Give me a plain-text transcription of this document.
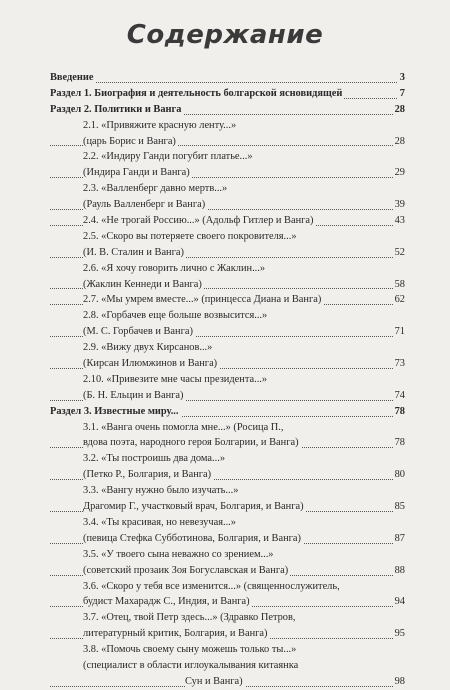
Содержание
Введение	3
Раздел 1. Биография и деятельность болгарской ясновидящей	7
Раздел 2. Политики и Ванга	28
2.1. «Привяжите красную ленту...»
(царь Борис и Ванга)	28
2.2. «Индиру Ганди погубит платье...»
(Индира Ганди и Ванга)	29
2.3. «Валленберг давно мертв...»
(Рауль Валленберг и Ванга)	39
2.4. «Не трогай Россию...» (Адольф Гитлер и Ванга)	43
2.5. «Скоро вы потеряете своего покровителя...»
(И. В. Сталин и Ванга)	52
2.6. «Я хочу говорить лично с Жаклин...»
(Жаклин Кеннеди и Ванга)	58
2.7. «Мы умрем вместе...» (принцесса Диана и Ванга)	62
2.8. «Горбачев еще больше возвысится...»
(М. С. Горбачев и Ванга)	71
2.9. «Вижу двух Кирсанов...»
(Кирсан Илюмжинов и Ванга)	73
2.10. «Привезите мне часы президента...»
(Б. Н. Ельцин и Ванга)	74
Раздел 3. Известные миру...	78
3.1. «Ванга очень помогла мне...» (Росица П.,
вдова поэта, народного героя Болгарии, и Ванга)	78
3.2. «Ты построишь два дома...»
(Петко Р., Болгария, и Ванга)	80
3.3. «Вангу нужно было изучать...»
Драгомир Г., участковый врач, Болгария, и Ванга)	85
3.4. «Ты красивая, но невезучая...»
(певица Стефка Субботинова, Болгария, и Ванга)	87
3.5. «У твоего сына неважно со зрением...»
(советский прозаик Зоя Богуславская и Ванга)	88
3.6. «Скоро у тебя все изменится...» (священнослужитель,
будист Махарадж С., Индия, и Ванга)	94
3.7. «Отец, твой Петр здесь...» (Здравко Петров,
литературный критик, Болгария, и Ванга)	95
3.8. «Помочь своему сыну можешь только ты...»
(специалист в области иглоукалывания китаянка
Сун и Ванга)	98
